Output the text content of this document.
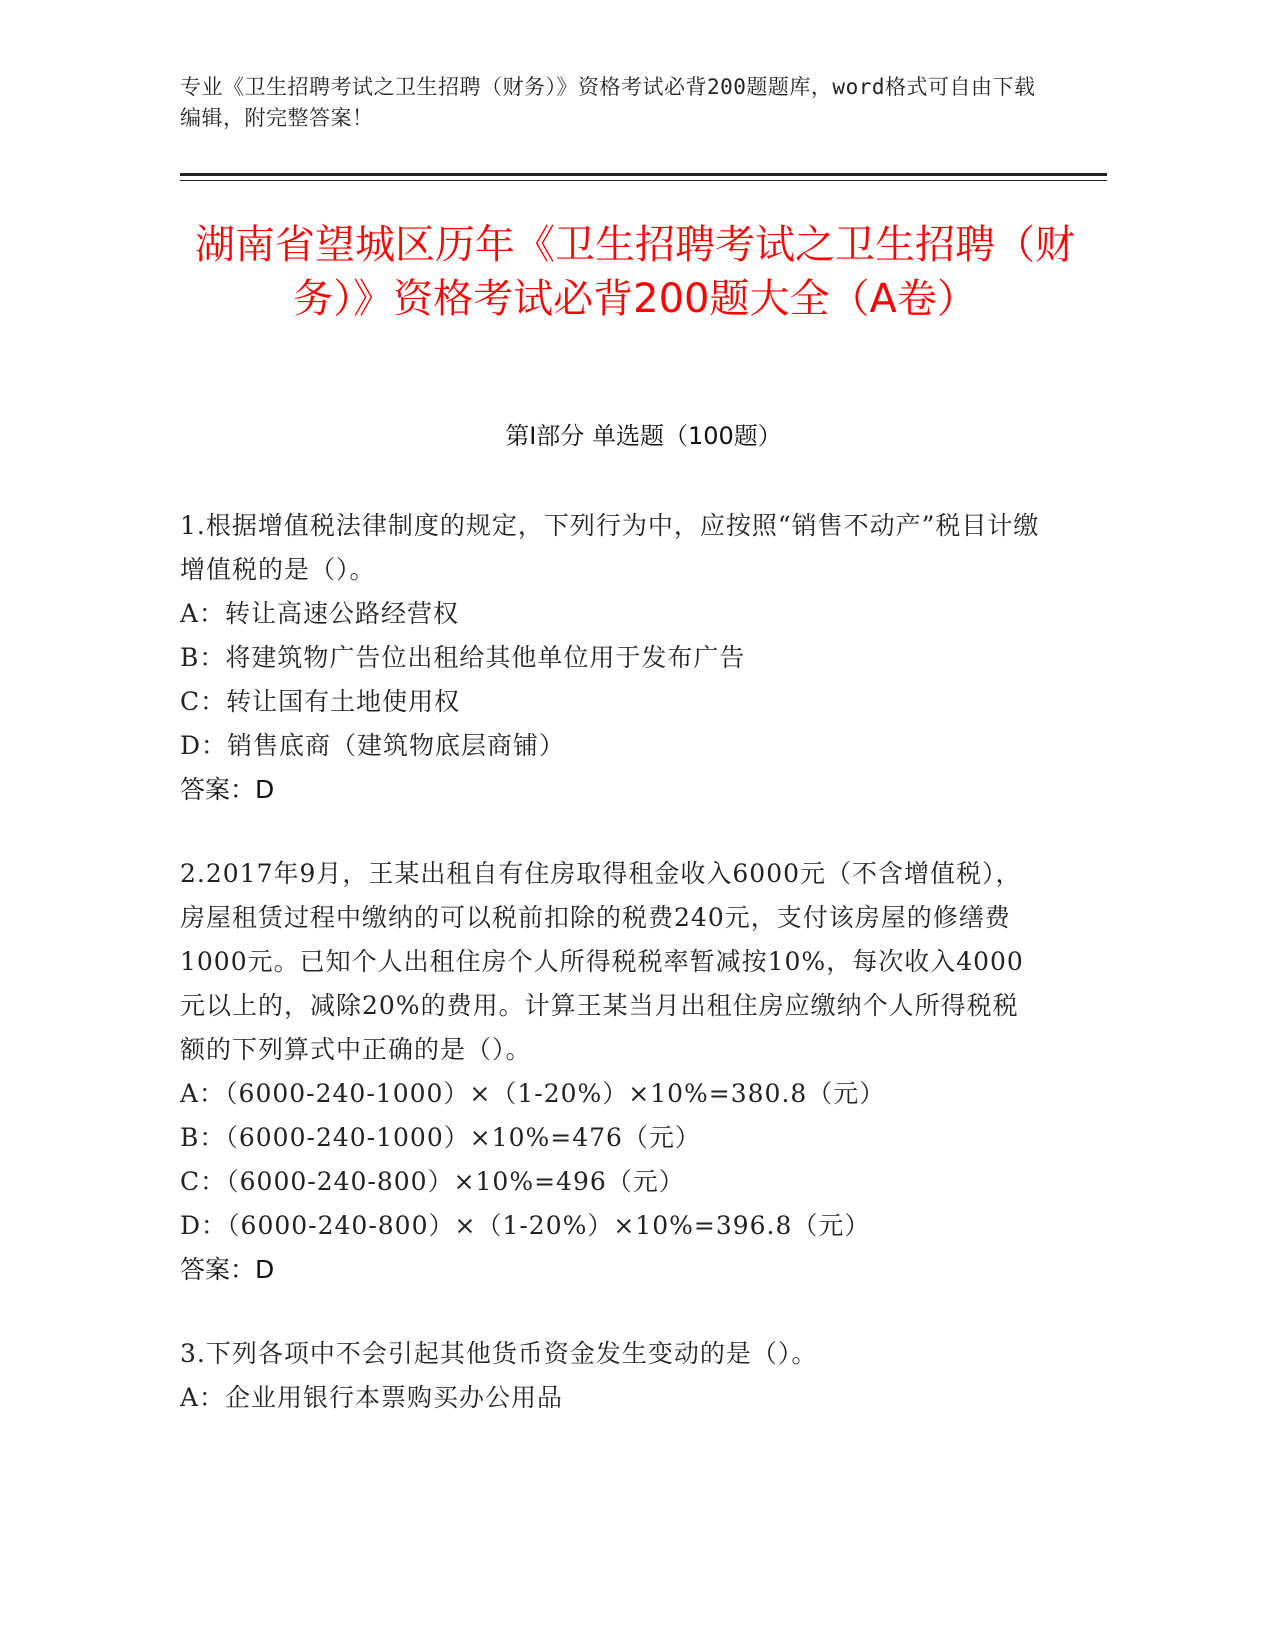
专业《卫生招聘考试之卫生招聘（财务）》资格考试必背200题题库，word格式可自由下载编辑，附完整答案！
湖南省望城区历年《卫生招聘考试之卫生招聘（财务）》资格考试必背200题大全（A卷）
第Ⅰ部分 单选题（100题）
1.根据增值税法律制度的规定，下列行为中，应按照“销售不动产”税目计缴增值税的是（）。
A：转让高速公路经营权
B：将建筑物广告位出租给其他单位用于发布广告
C：转让国有土地使用权
D：销售底商（建筑物底层商铺）
答案：D
2.2017年9月，王某出租自有住房取得租金收入6000元（不含增值税），房屋租赁过程中缴纳的可以税前扣除的税费240元，支付该房屋的修缮费1000元。已知个人出租住房个人所得税税率暂减按10%，每次收入4000元以上的，减除20%的费用。计算王某当月出租住房应缴纳个人所得税税额的下列算式中正确的是（）。
A：（6000-240-1000）×（1-20%）×10%=380.8（元）
B：（6000-240-1000）×10%=476（元）
C：（6000-240-800）×10%=496（元）
D：（6000-240-800）×（1-20%）×10%=396.8（元）
答案：D
3.下列各项中不会引起其他货币资金发生变动的是（）。
A：企业用银行本票购买办公用品
